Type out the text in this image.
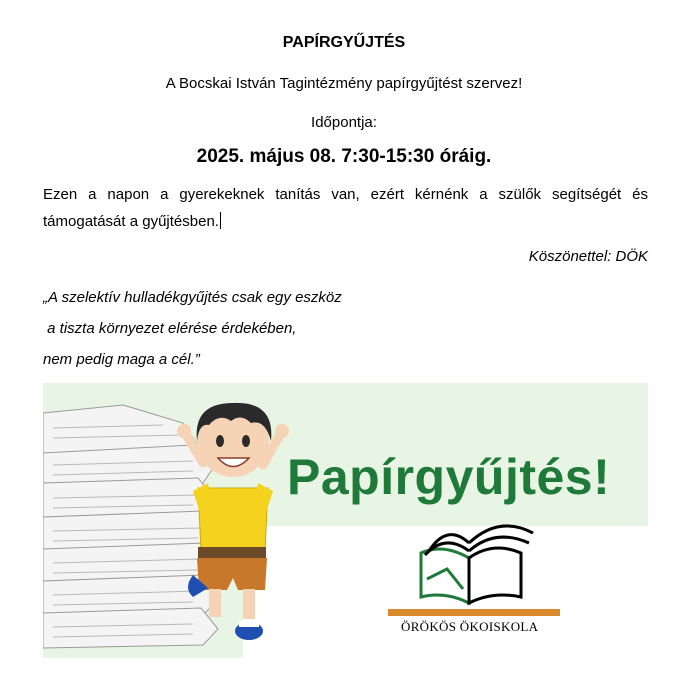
PAPÍRGYŰJTÉS
A Bocskai István Tagintézmény papírgyűjtést szervez!
Időpontja:
2025. május 08. 7:30-15:30 óráig.
Ezen a napon a gyerekeknek tanítás van, ezért kérnénk a szülők segítségét és támogatását a gyűjtésben.
Köszönettel: DÖK
„A szelektív hulladékgyűjtés csak egy eszköz
a tiszta környezet elérése érdekében,
nem pedig maga a cél.”
Papírgyűjtés!
ÖRÖKÖS ÖKOISKOLA
